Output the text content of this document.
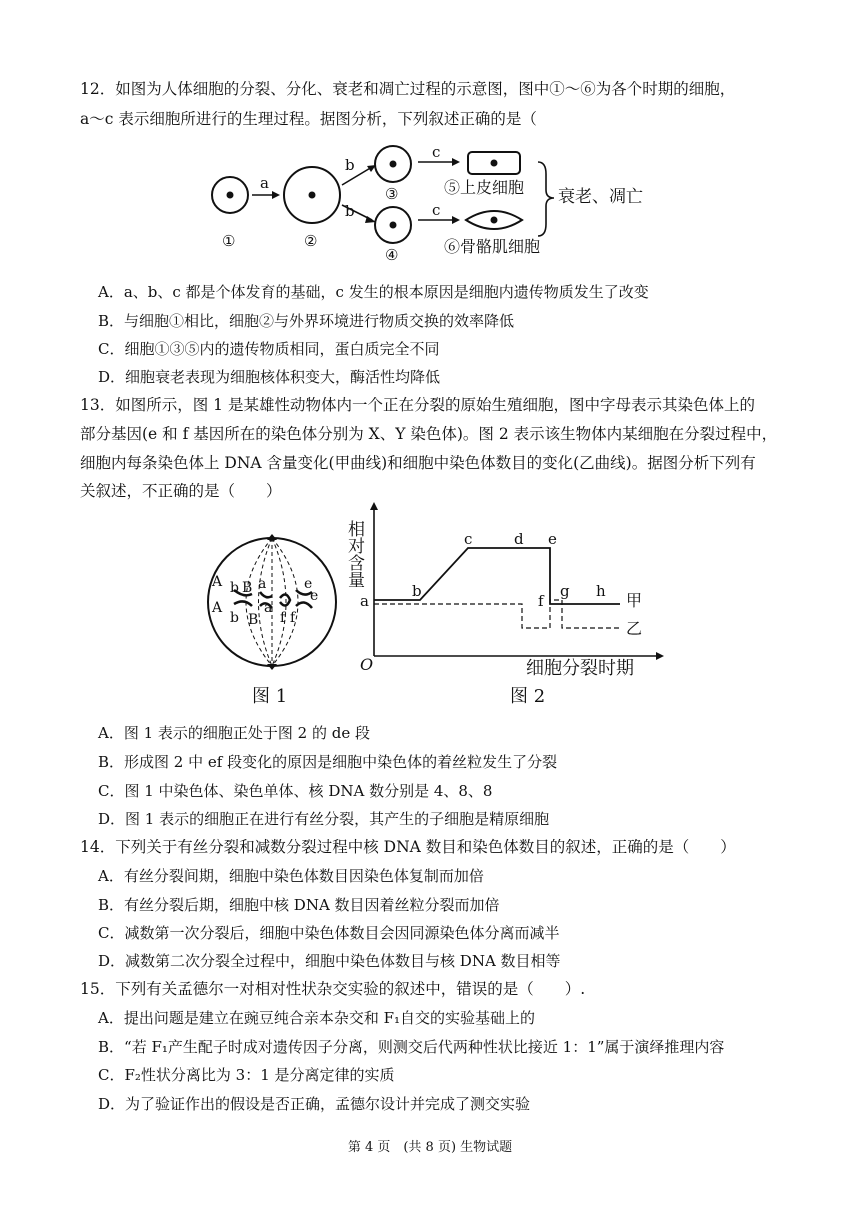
12．如图为人体细胞的分裂、分化、衰老和凋亡过程的示意图，图中①～⑥为各个时期的细胞，
a～c 表示细胞所进行的生理过程。据图分析，下列叙述正确的是（
a
b
b
③
④
c
c
⑤上皮细胞
⑥骨骼肌细胞
衰老、凋亡
①	②
A．a、b、c 都是个体发育的基础，c 发生的根本原因是细胞内遗传物质发生了改变
B．与细胞①相比，细胞②与外界环境进行物质交换的效率降低
C．细胞①③⑤内的遗传物质相同，蛋白质完全不同
D．细胞衰老表现为细胞核体积变大，酶活性均降低
13．如图所示，图 1 是某雄性动物体内一个正在分裂的原始生殖细胞，图中字母表示其染色体上的
部分基因(e 和 f 基因所在的染色体分别为 X、Y 染色体)。图 2 表示该生物体内某细胞在分裂过程中，
细胞内每条染色体上 DNA 含量变化(甲曲线)和细胞中染色体数目的变化(乙曲线)。据图分析下列有
关叙述，不正确的是（　　）
A b B a
A
b
a
B
e
e
f f
图 1
相对含量
O	细胞分裂时期
a
b
c	d e
f
g h 甲
乙
图 2
A．图 1 表示的细胞正处于图 2 的 de 段
B．形成图 2 中 ef 段变化的原因是细胞中染色体的着丝粒发生了分裂
C．图 1 中染色体、染色单体、核 DNA 数分别是 4、8、8
D．图 1 表示的细胞正在进行有丝分裂，其产生的子细胞是精原细胞
14．下列关于有丝分裂和减数分裂过程中核 DNA 数目和染色体数目的叙述，正确的是（　　）
A．有丝分裂间期，细胞中染色体数目因染色体复制而加倍
B．有丝分裂后期，细胞中核 DNA 数目因着丝粒分裂而加倍
C．减数第一次分裂后，细胞中染色体数目会因同源染色体分离而减半
D．减数第二次分裂全过程中，细胞中染色体数目与核 DNA 数目相等
15．下列有关孟德尔一对相对性状杂交实验的叙述中，错误的是（　　）.
A．提出问题是建立在豌豆纯合亲本杂交和 F₁自交的实验基础上的
B．“若 F₁产生配子时成对遗传因子分离，则测交后代两种性状比接近 1：1”属于演绎推理内容
C．F₂性状分离比为 3：1 是分离定律的实质
D．为了验证作出的假设是否正确，孟德尔设计并完成了测交实验
第 4 页　(共 8 页) 生物试题
